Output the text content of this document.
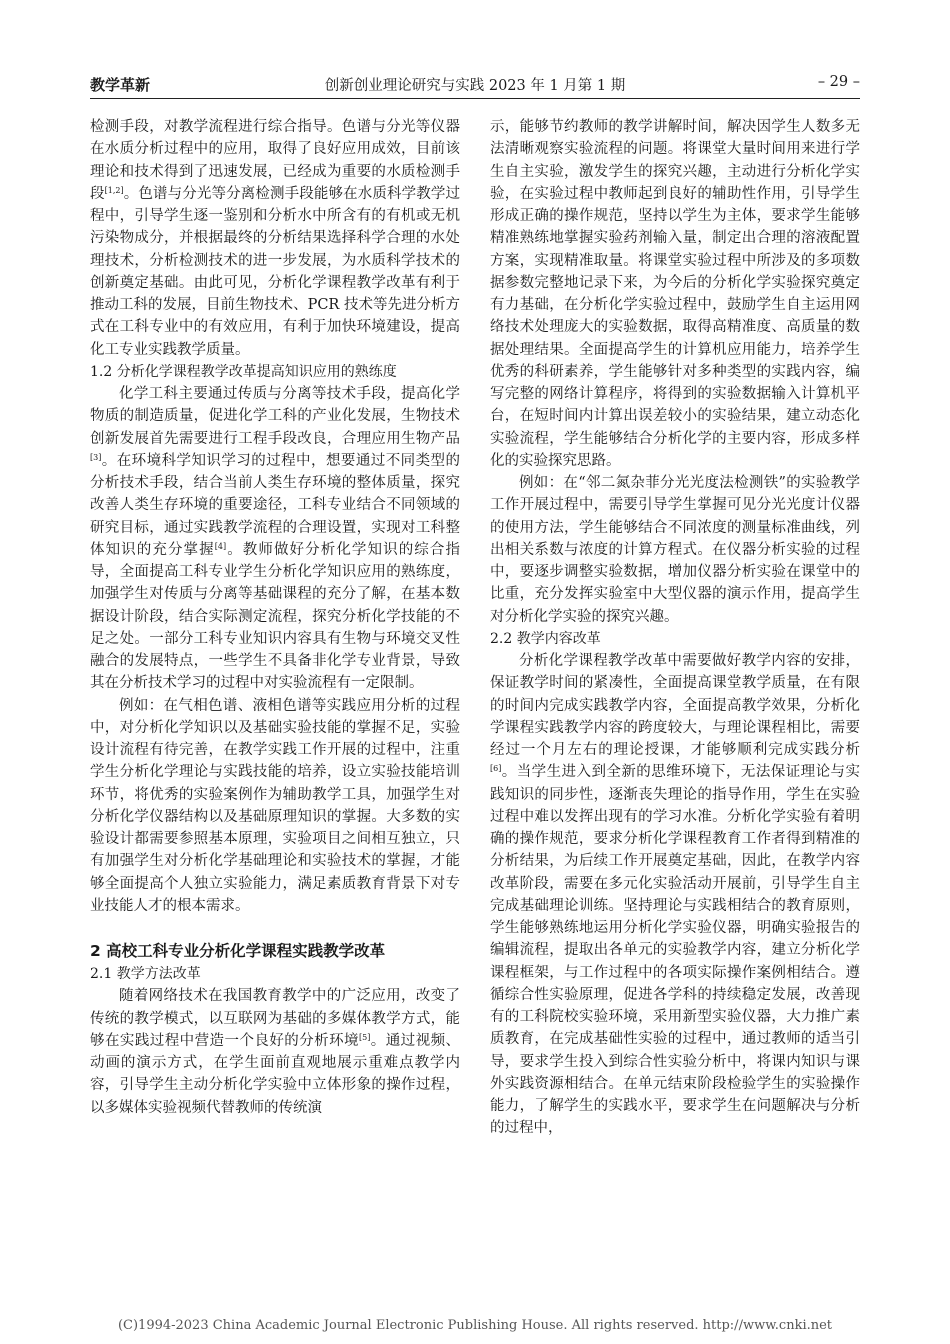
教学革新	创新创业理论研究与实践 2023 年 1 月第 1 期	– 29 –

检测手段，对教学流程进行综合指导。色谱与分光等仪器在水质分析过程中的应用，取得了良好应用成效，目前该理论和技术得到了迅速发展，已经成为重要的水质检测手段[1,2]。色谱与分光等分离检测手段能够在水质科学教学过程中，引导学生逐一鉴别和分析水中所含有的有机或无机污染物成分，并根据最终的分析结果选择科学合理的水处理技术，分析检测技术的进一步发展，为水质科学技术的创新奠定基础。由此可见，分析化学课程教学改革有利于推动工科的发展，目前生物技术、PCR 技术等先进分析方式在工科专业中的有效应用，有利于加快环境建设，提高化工专业实践教学质量。

1.2 分析化学课程教学改革提高知识应用的熟练度

化学工科主要通过传质与分离等技术手段，提高化学物质的制造质量，促进化学工科的产业化发展，生物技术创新发展首先需要进行工程手段改良，合理应用生物产品[3]。在环境科学知识学习的过程中，想要通过不同类型的分析技术手段，结合当前人类生存环境的整体质量，探究改善人类生存环境的重要途径，工科专业结合不同领域的研究目标，通过实践教学流程的合理设置，实现对工科整体知识的充分掌握[4]。教师做好分析化学知识的综合指导，全面提高工科专业学生分析化学知识应用的熟练度，加强学生对传质与分离等基础课程的充分了解，在基本数据设计阶段，结合实际测定流程，探究分析化学技能的不足之处。一部分工科专业知识内容具有生物与环境交叉性融合的发展特点，一些学生不具备非化学专业背景，导致其在分析技术学习的过程中对实验流程有一定限制。

例如：在气相色谱、液相色谱等实践应用分析的过程中，对分析化学知识以及基础实验技能的掌握不足，实验设计流程有待完善，在教学实践工作开展的过程中，注重学生分析化学理论与实践技能的培养，设立实验技能培训环节，将优秀的实验案例作为辅助教学工具，加强学生对分析化学仪器结构以及基础原理知识的掌握。大多数的实验设计都需要参照基本原理，实验项目之间相互独立，只有加强学生对分析化学基础理论和实验技术的掌握，才能够全面提高个人独立实验能力，满足素质教育背景下对专业技能人才的根本需求。

2 高校工科专业分析化学课程实践教学改革

2.1 教学方法改革

随着网络技术在我国教育教学中的广泛应用，改变了传统的教学模式，以互联网为基础的多媒体教学方式，能够在实践过程中营造一个良好的分析环境[5]。通过视频、动画的演示方式，在学生面前直观地展示重难点教学内容，引导学生主动分析化学实验中立体形象的操作过程，以多媒体实验视频代替教师的传统演

示，能够节约教师的教学讲解时间，解决因学生人数多无法清晰观察实验流程的问题。将课堂大量时间用来进行学生自主实验，激发学生的探究兴趣，主动进行分析化学实验，在实验过程中教师起到良好的辅助性作用，引导学生形成正确的操作规范，坚持以学生为主体，要求学生能够精准熟练地掌握实验药剂输入量，制定出合理的溶液配置方案，实现精准取量。将课堂实验过程中所涉及的多项数据参数完整地记录下来，为今后的分析化学实验探究奠定有力基础，在分析化学实验过程中，鼓励学生自主运用网络技术处理庞大的实验数据，取得高精准度、高质量的数据处理结果。全面提高学生的计算机应用能力，培养学生优秀的科研素养，学生能够针对多种类型的实践内容，编写完整的网络计算程序，将得到的实验数据输入计算机平台，在短时间内计算出误差较小的实验结果，建立动态化实验流程，学生能够结合分析化学的主要内容，形成多样化的实验探究思路。

例如：在“邻二氮杂菲分光光度法检测铁”的实验教学工作开展过程中，需要引导学生掌握可见分光光度计仪器的使用方法，学生能够结合不同浓度的测量标准曲线，列出相关系数与浓度的计算方程式。在仪器分析实验的过程中，要逐步调整实验数据，增加仪器分析实验在课堂中的比重，充分发挥实验室中大型仪器的演示作用，提高学生对分析化学实验的探究兴趣。

2.2 教学内容改革

分析化学课程教学改革中需要做好教学内容的安排，保证教学时间的紧凑性，全面提高课堂教学质量，在有限的时间内完成实践教学内容，全面提高教学效果，分析化学课程实践教学内容的跨度较大，与理论课程相比，需要经过一个月左右的理论授课，才能够顺利完成实践分析[6]。当学生进入到全新的思维环境下，无法保证理论与实践知识的同步性，逐渐丧失理论的指导作用，学生在实验过程中难以发挥出现有的学习水准。分析化学实验有着明确的操作规范，要求分析化学课程教育工作者得到精准的分析结果，为后续工作开展奠定基础，因此，在教学内容改革阶段，需要在多元化实验活动开展前，引导学生自主完成基础理论训练。坚持理论与实践相结合的教育原则，学生能够熟练地运用分析化学实验仪器，明确实验报告的编辑流程，提取出各单元的实验教学内容，建立分析化学课程框架，与工作过程中的各项实际操作案例相结合。遵循综合性实验原理，促进各学科的持续稳定发展，改善现有的工科院校实验环境，采用新型实验仪器，大力推广素质教育，在完成基础性实验的过程中，通过教师的适当引导，要求学生投入到综合性实验分析中，将课内知识与课外实践资源相结合。在单元结束阶段检验学生的实验操作能力，了解学生的实践水平，要求学生在问题解决与分析的过程中，

(C)1994-2023 China Academic Journal Electronic Publishing House. All rights reserved. http://www.cnki.net
